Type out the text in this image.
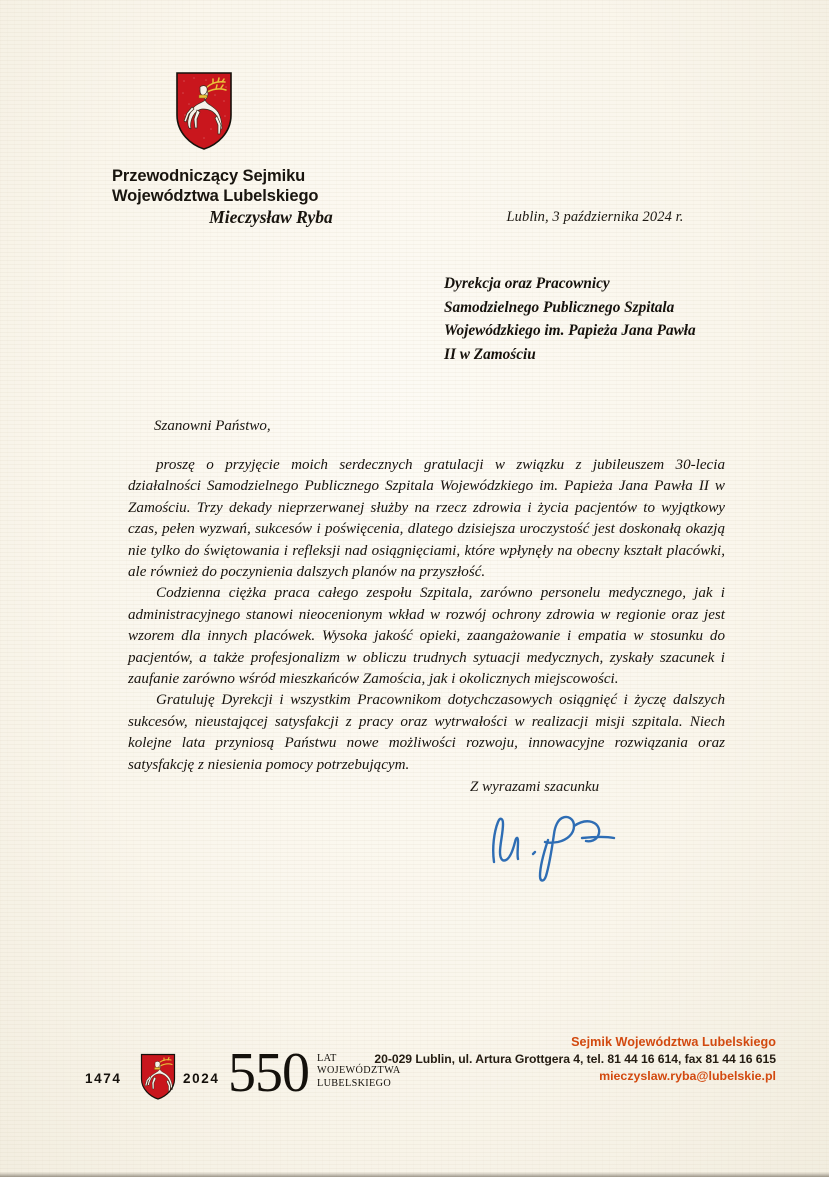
Przewodniczący Sejmiku
Województwa Lubelskiego
Mieczysław Ryba	Lublin, 3 października 2024 r.
Dyrekcja oraz Pracownicy
Samodzielnego Publicznego Szpitala
Wojewódzkiego im. Papieża Jana Pawła
II w Zamościu
Szanowni Państwo,

proszę o przyjęcie moich serdecznych gratulacji w związku z jubileuszem 30-lecia działalności Samodzielnego Publicznego Szpitala Wojewódzkiego im. Papieża Jana Pawła II w Zamościu. Trzy dekady nieprzerwanej służby na rzecz zdrowia i życia pacjentów to wyjątkowy czas, pełen wyzwań, sukcesów i poświęcenia, dlatego dzisiejsza uroczystość jest doskonałą okazją nie tylko do świętowania i refleksji nad osiągnięciami, które wpłynęły na obecny kształt placówki, ale również do poczynienia dalszych planów na przyszłość.

Codzienna ciężka praca całego zespołu Szpitala, zarówno personelu medycznego, jak i administracyjnego stanowi nieocenionym wkład w rozwój ochrony zdrowia w regionie oraz jest wzorem dla innych placówek. Wysoka jakość opieki, zaangażowanie i empatia w stosunku do pacjentów, a także profesjonalizm w obliczu trudnych sytuacji medycznych, zyskały szacunek i zaufanie zarówno wśród mieszkańców Zamościa, jak i okolicznych miejscowości.

Gratuluję Dyrekcji i wszystkim Pracownikom dotychczasowych osiągnięć i życzę dalszych sukcesów, nieustającej satysfakcji z pracy oraz wytrwałości w realizacji misji szpitala. Niech kolejne lata przyniosą Państwu nowe możliwości rozwoju, innowacyjne rozwiązania oraz satysfakcję z niesienia pomocy potrzebującym.

Z wyrazami szacunku
1474	2024 550 LAT
WOJEWÓDZTWA
LUBELSKIEGO
Sejmik Województwa Lubelskiego
20-029 Lublin, ul. Artura Grottgera 4, tel. 81 44 16 614, fax 81 44 16 615
mieczyslaw.ryba@lubelskie.pl
